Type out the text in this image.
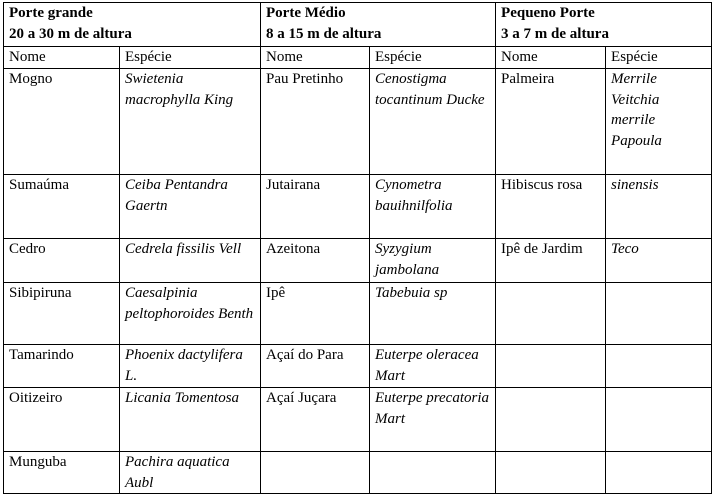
Porte grande
20 a 30 m de altura		Porte Médio
8 a 15 m de altura		Pequeno Porte
3 a 7 m de altura	

Nome	Espécie	Nome	Espécie	Nome	Espécie
Mogno	Swietenia macrophylla King	Pau Pretinho	Cenostigma tocantinum Ducke	Palmeira	Merrile Veitchia merrile Papoula
Sumaúma	Ceiba Pentandra Gaertn	Jutairana	Cynometra bauihnilfolia	Hibiscus rosa	sinensis
Cedro	Cedrela fissilis Vell	Azeitona	Syzygium jambolana	Ipê de Jardim	Teco
Sibipiruna	Caesalpinia peltophoroides Benth	Ipê	Tabebuia sp		
Tamarindo	Phoenix dactylifera L.	Açaí do Para	Euterpe oleracea Mart		
Oitizeiro	Licania Tomentosa	Açaí Juçara	Euterpe precatoria Mart		
Munguba	Pachira aquatica Aubl				
